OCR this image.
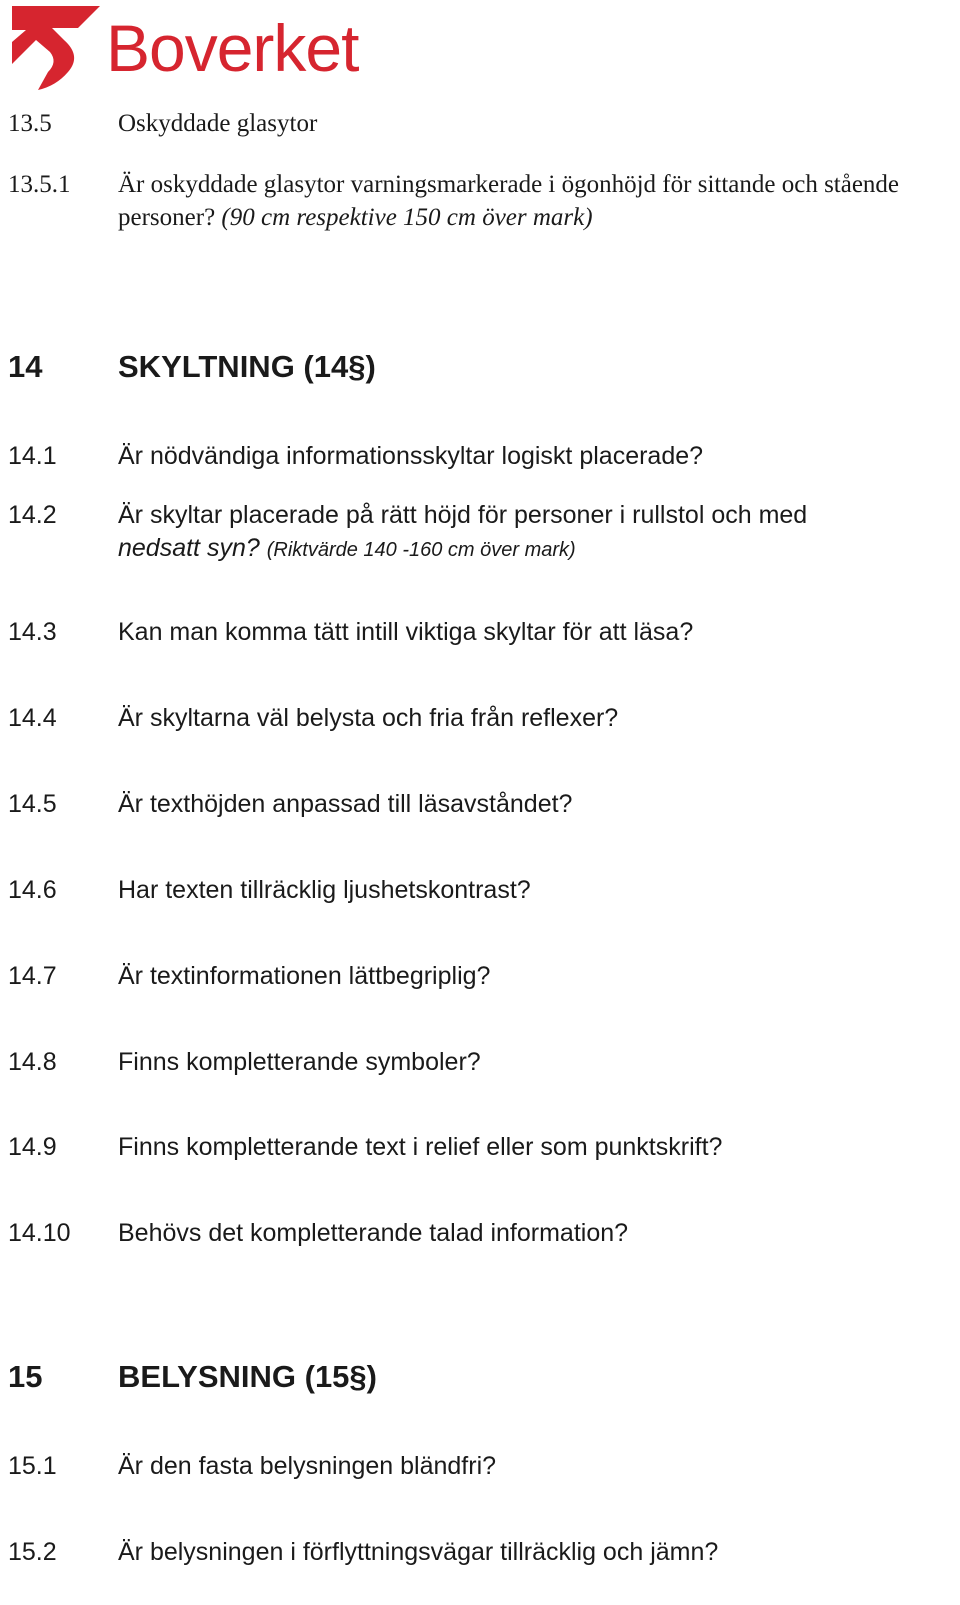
Boverket
13.5	Oskyddade glasytor
13.5.1 Är oskyddade glasytor varningsmarkerade i ögonhöjd för sittande och stående
personer? (90 cm respektive 150 cm över mark)
14 SKYLTNING (14§)
14.1 Är nödvändiga informationsskyltar logiskt placerade?
14.2 Är skyltar placerade på rätt höjd för personer i rullstol och med
nedsatt syn? (Riktvärde 140 -160 cm över mark)
14.3 Kan man komma tätt intill viktiga skyltar för att läsa?
14.4 Är skyltarna väl belysta och fria från reflexer?
14.5 Är texthöjden anpassad till läsavståndet?
14.6 Har texten tillräcklig ljushetskontrast?
14.7 Är textinformationen lättbegriplig?
14.8 Finns kompletterande symboler?
14.9 Finns kompletterande text i relief eller som punktskrift?
14.10 Behövs det kompletterande talad information?
15 BELYSNING (15§)
15.1 Är den fasta belysningen bländfri?
15.2 Är belysningen i förflyttningsvägar tillräcklig och jämn?
